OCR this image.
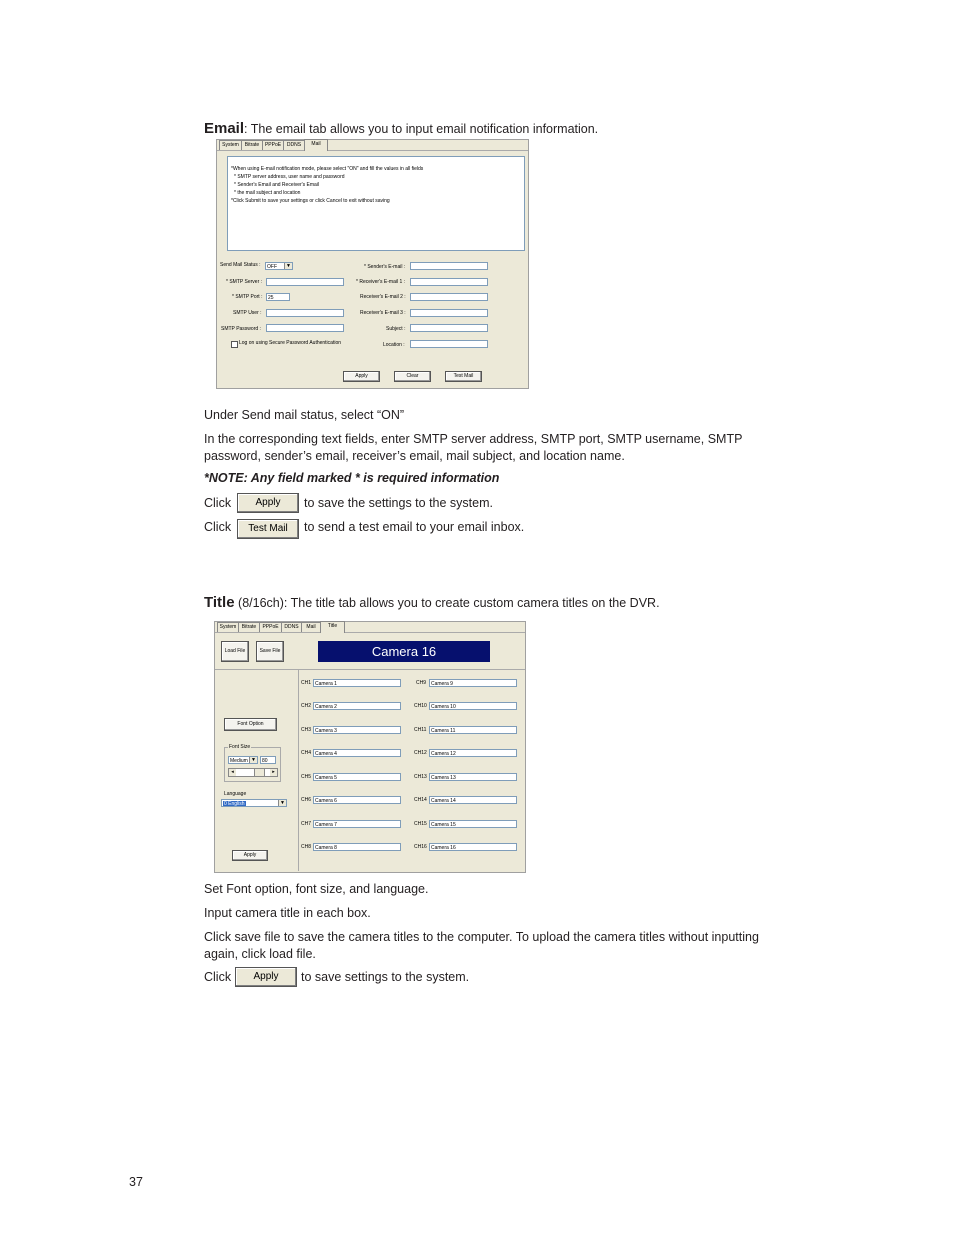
Email: The email tab allows you to input email notification information.
System	Bitrate	PPPoE	DDNS	Mail
*When using E-mail notification mode, please select "ON" and fill the values in all fields
* SMTP server address, user name and password
* Sender's Email and Receiver's Email
* the mail subject and location
*Click Submit to save your settings or click Cancel to exit without saving
Send Mail Status :	OFF	▼
* SMTP Server :
* SMTP Port :	25
SMTP User :
SMTP Password :
Log on using Secure Password Authentication
* Sender's E-mail :
* Receiver's E-mail 1 :
Receiver's E-mail 2 :
Receiver's E-mail 3 :
Subject :
Location :
Apply	Clear	Test Mail
Under Send mail status, select “ON”
In the corresponding text fields, enter SMTP server address, SMTP port, SMTP username, SMTP password, sender’s email, receiver’s email, mail subject, and location name.
*NOTE: Any field marked * is required information
Click	Apply	to save the settings to the system.
Click	Test Mail	to send a test email to your email inbox.
Title (8/16ch): The title tab allows you to create custom camera titles on the DVR.
System	Bitrate	PPPoE	DDNS	Mail	Title
Load File	Save File	Camera 16
Font Option
Font Size
Medium ▼	80
◂	▸
Language
0 English	▼
Apply
CH1 Camera 1
CH2 Camera 2
CH3 Camera 3
CH4 Camera 4
CH5 Camera 5
CH6 Camera 6
CH7 Camera 7
CH8 Camera 8
CH9 Camera 9
CH10 Camera 10
CH11 Camera 11
CH12 Camera 12
CH13 Camera 13
CH14 Camera 14
CH15 Camera 15
CH16 Camera 16
Set Font option, font size, and language.
Input camera title in each box.
Click save file to save the camera titles to the computer. To upload the camera titles without inputting again, click load file.
Click	Apply	to save settings to the system.
37
